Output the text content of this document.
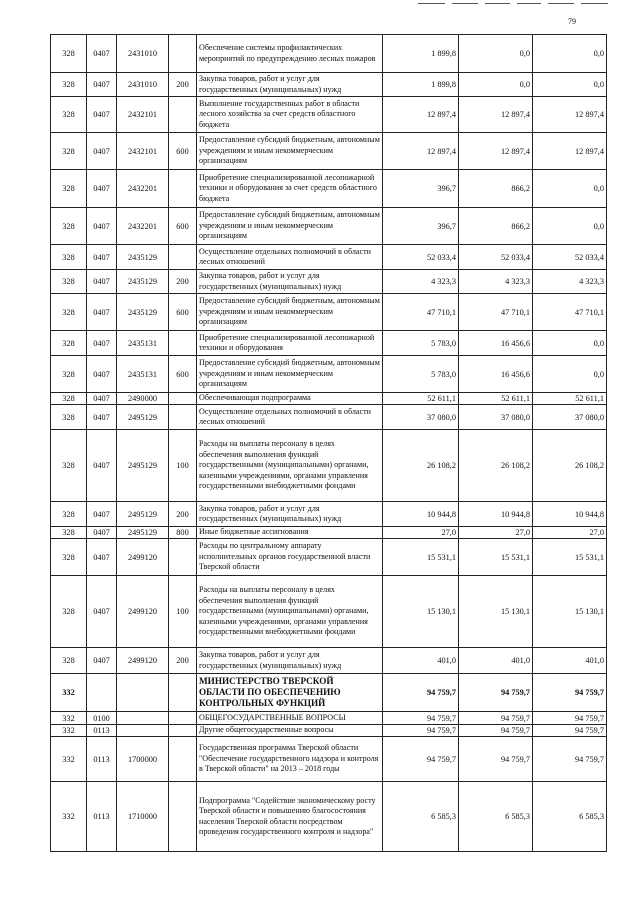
79
328	0407	2431010		Обеспечение системы профилактических мероприятий по предупреждению лесных пожаров	1 899,8	0,0	0,0
328	0407	2431010	200	Закупка товаров, работ и услуг для государственных (муниципальных) нужд	1 899,8	0,0	0,0
328	0407	2432101		Выполнение государственных работ в области лесного хозяйства за счет средств областного бюджета	12 897,4	12 897,4	12 897,4
328	0407	2432101	600	Предоставление субсидий бюджетным, автономным учреждениям и иным некоммерческим организациям	12 897,4	12 897,4	12 897,4
328	0407	2432201		Приобретение специализированной лесопожарной техники и оборудования за счет средств областного бюджета	396,7	866,2	0,0
328	0407	2432201	600	Предоставление субсидий бюджетным, автономным учреждениям и иным некоммерческим организациям	396,7	866,2	0,0
328	0407	2435129		Осуществление отдельных полномочий в области лесных отношений	52 033,4	52 033,4	52 033,4
328	0407	2435129	200	Закупка товаров, работ и услуг для государственных (муниципальных) нужд	4 323,3	4 323,3	4 323,3
328	0407	2435129	600	Предоставление субсидий бюджетным, автономным учреждениям и иным некоммерческим организациям	47 710,1	47 710,1	47 710,1
328	0407	2435131		Приобретение специализированной лесопожарной техники и оборудования	5 783,0	16 456,6	0,0
328	0407	2435131	600	Предоставление субсидий бюджетным, автономным учреждениям и иным некоммерческим организациям	5 783,0	16 456,6	0,0
328	0407	2490000		Обеспечивающая подпрограмма	52 611,1	52 611,1	52 611,1
328	0407	2495129		Осуществление отдельных полномочий в области лесных отношений	37 080,0	37 080,0	37 080,0
328	0407	2495129	100	Расходы на выплаты персоналу в целях обеспечения выполнения функций государственными (муниципальными) органами, казенными учреждениями, органами управления государственными внебюджетными фондами	26 108,2	26 108,2	26 108,2
328	0407	2495129	200	Закупка товаров, работ и услуг для государственных (муниципальных) нужд	10 944,8	10 944,8	10 944,8
328	0407	2495129	800	Иные бюджетные ассигнования	27,0	27,0	27,0
328	0407	2499120		Расходы по центральному аппарату исполнительных органов государственной власти Тверской области	15 531,1	15 531,1	15 531,1
328	0407	2499120	100	Расходы на выплаты персоналу в целях обеспечения выполнения функций государственными (муниципальными) органами, казенными учреждениями, органами управления государственными внебюджетными фондами	15 130,1	15 130,1	15 130,1
328	0407	2499120	200	Закупка товаров, работ и услуг для государственных (муниципальных) нужд	401,0	401,0	401,0
332				МИНИСТЕРСТВО ТВЕРСКОЙ ОБЛАСТИ ПО ОБЕСПЕЧЕНИЮ КОНТРОЛЬНЫХ ФУНКЦИЙ	94 759,7	94 759,7	94 759,7
332	0100			ОБЩЕГОСУДАРСТВЕННЫЕ ВОПРОСЫ	94 759,7	94 759,7	94 759,7
332	0113			Другие общегосударственные вопросы	94 759,7	94 759,7	94 759,7
332	0113	1700000		Государственная программа Тверской области "Обеспечение государственного надзора и контроля в Тверской области" на 2013 – 2018 годы	94 759,7	94 759,7	94 759,7
332	0113	1710000		Подпрограмма "Содействие экономическому росту Тверской области и повышению благосостояния населения Тверской области посредством проведения государственного контроля и надзора"	6 585,3	6 585,3	6 585,3
